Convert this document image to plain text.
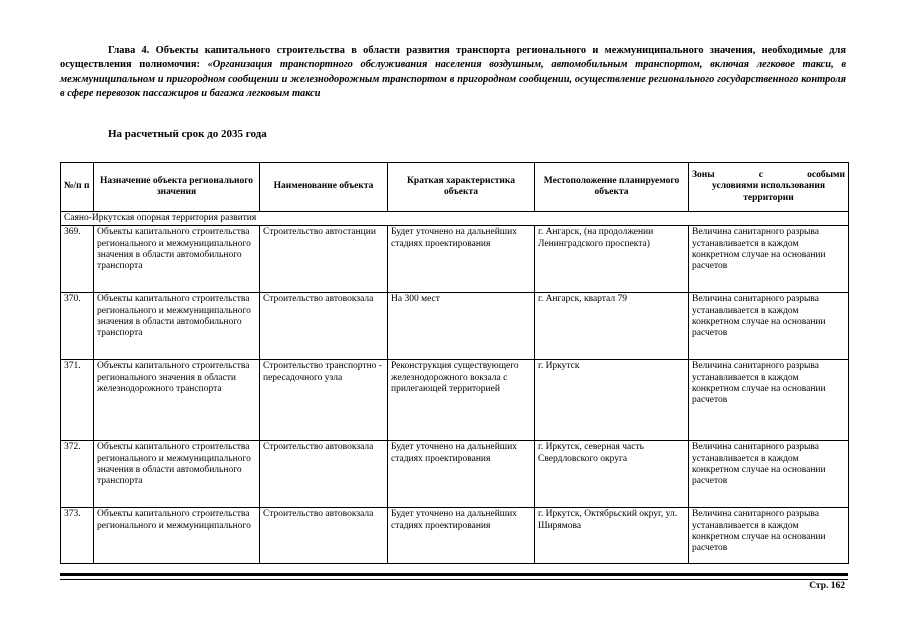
Глава 4. Объекты капитального строительства в области развития транспорта регионального и межмуниципального значения, необходимые для осуществления полномочия: «Организация транспортного обслуживания населения воздушным, автомобильным транспортом, включая легковое такси, в межмуниципальном и пригородном сообщении и железнодорожным транспортом в пригородном сообщении, осуществление регионального государственного контроля в сфере перевозок пассажиров и багажа легковым такси
На расчетный срок до 2035 года
№/п п	Назначение объекта регионального значения	Наименование объекта	Краткая характеристика объекта	Местоположение планируемого объекта	Зоны с особыми
условиями использования территории

Саяно-Иркутская опорная территория развития					
369.	Объекты капитального строительства регионального и межмуниципального значения в области автомобильного транспорта	Строительство автостанции	Будет уточнено на дальнейших стадиях проектирования	г. Ангарск, (на продолжении Ленинградского проспекта)	Величина санитарного разрыва устанавливается в каждом конкретном случае на основании расчетов
370.	Объекты капитального строительства регионального и межмуниципального значения в области автомобильного транспорта	Строительство автовокзала	На 300 мест	г. Ангарск, квартал 79	Величина санитарного разрыва устанавливается в каждом конкретном случае на основании расчетов
371.	Объекты капитального строительства регионального значения в области железнодорожного транспорта	Строительство транспортно - пересадочного узла	Реконструкция существующего железнодорожного вокзала с прилегающей территорией	г. Иркутск	Величина санитарного разрыва устанавливается в каждом конкретном случае на основании расчетов
372.	Объекты капитального строительства регионального и межмуниципального значения в области автомобильного транспорта	Строительство автовокзала	Будет уточнено на дальнейших стадиях проектирования	г. Иркутск, северная часть Свердловского округа	Величина санитарного разрыва устанавливается в каждом конкретном случае на основании расчетов
373.	Объекты капитального строительства регионального и межмуниципального	Строительство автовокзала	Будет уточнено на дальнейших стадиях проектирования	г. Иркутск, Октябрьский округ, ул. Ширямова	Величина санитарного разрыва устанавливается в каждом конкретном случае на основании расчетов
Стр. 162
